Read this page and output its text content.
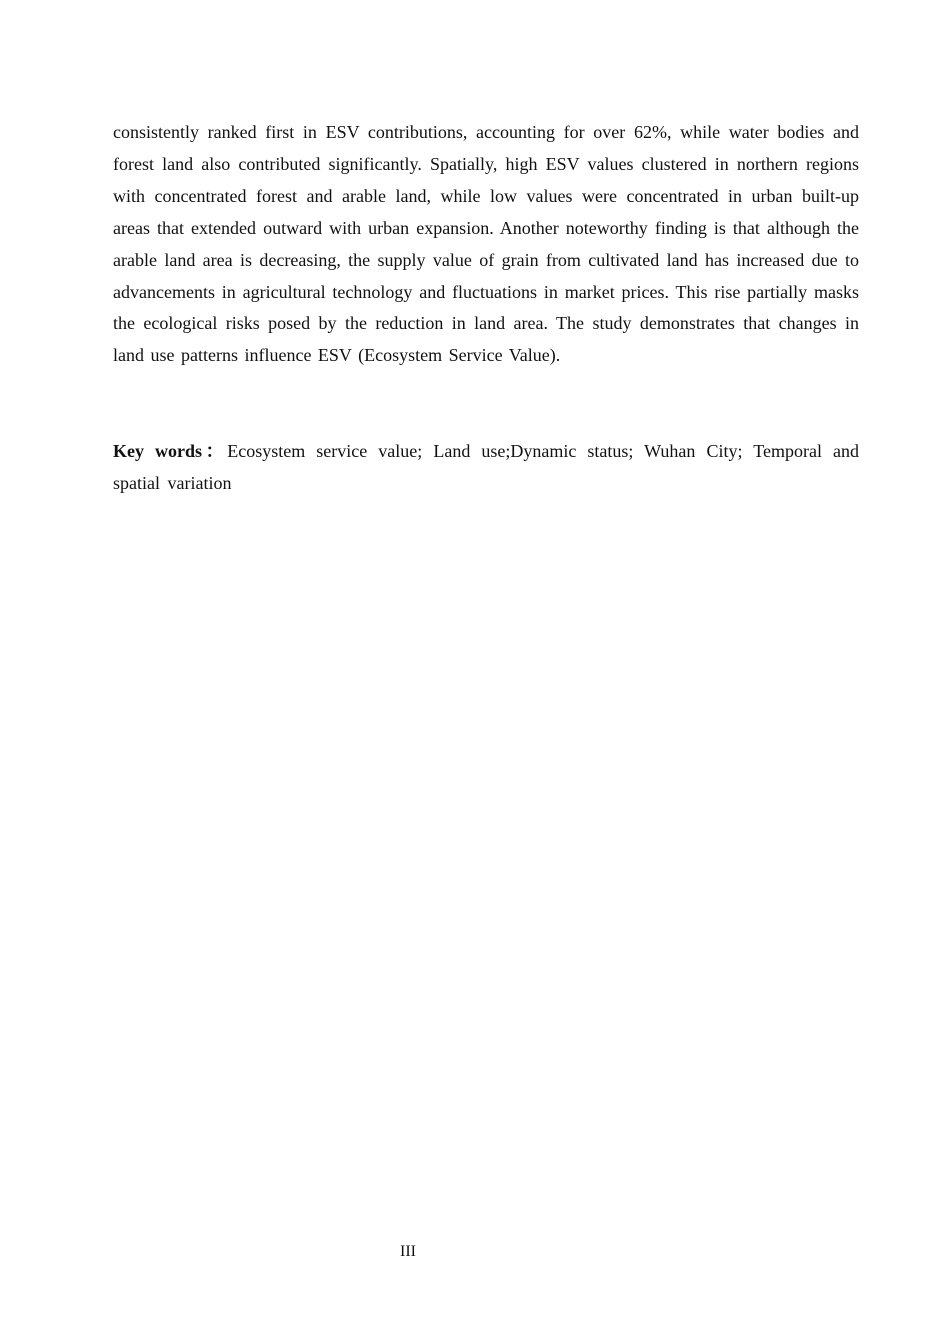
consistently ranked first in ESV contributions, accounting for over 62%, while water bodies and forest land also contributed significantly. Spatially, high ESV values clustered in northern regions with concentrated forest and arable land, while low values were concentrated in urban built-up areas that extended outward with urban expansion. Another noteworthy finding is that although the arable land area is decreasing, the supply value of grain from cultivated land has increased due to advancements in agricultural technology and fluctuations in market prices. This rise partially masks the ecological risks posed by the reduction in land area. The study demonstrates that changes in land use patterns influence ESV (Ecosystem Service Value).

Key words：Ecosystem service value; Land use;Dynamic status; Wuhan City; Temporal and spatial variation

III
